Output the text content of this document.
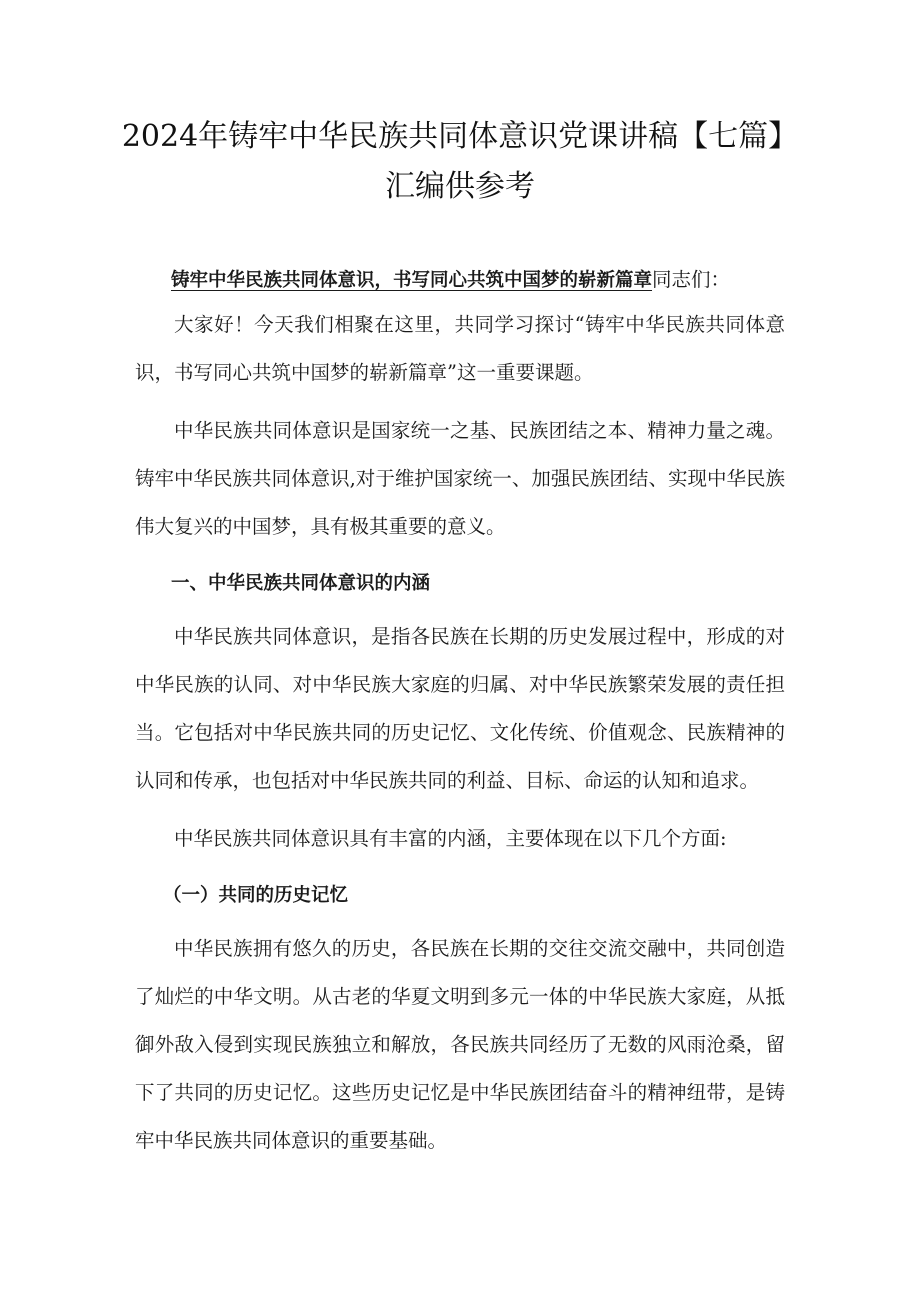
2024年铸牢中华民族共同体意识党课讲稿【七篇】汇编供参考

铸牢中华民族共同体意识，书写同心共筑中国梦的崭新篇章同志们：

大家好！今天我们相聚在这里，共同学习探讨“铸牢中华民族共同体意识，书写同心共筑中国梦的崭新篇章”这一重要课题。

中华民族共同体意识是国家统一之基、民族团结之本、精神力量之魂。铸牢中华民族共同体意识,对于维护国家统一、加强民族团结、实现中华民族伟大复兴的中国梦，具有极其重要的意义。

一、中华民族共同体意识的内涵

中华民族共同体意识，是指各民族在长期的历史发展过程中，形成的对中华民族的认同、对中华民族大家庭的归属、对中华民族繁荣发展的责任担当。它包括对中华民族共同的历史记忆、文化传统、价值观念、民族精神的认同和传承，也包括对中华民族共同的利益、目标、命运的认知和追求。

中华民族共同体意识具有丰富的内涵，主要体现在以下几个方面:

（一）共同的历史记忆

中华民族拥有悠久的历史，各民族在长期的交往交流交融中，共同创造了灿烂的中华文明。从古老的华夏文明到多元一体的中华民族大家庭，从抵御外敌入侵到实现民族独立和解放，各民族共同经历了无数的风雨沧桑，留下了共同的历史记忆。这些历史记忆是中华民族团结奋斗的精神纽带，是铸牢中华民族共同体意识的重要基础。
